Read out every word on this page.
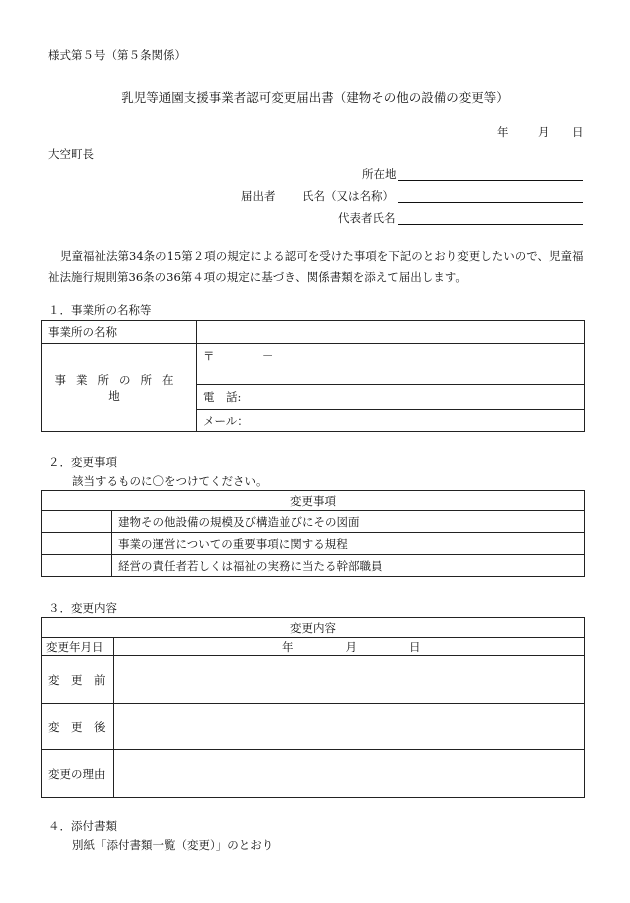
様式第５号（第５条関係）
乳児等通園支援事業者認可変更届出書（建物その他の設備の変更等）
年	月 日
大空町長
所在地
届出者 氏名（又は名称）
代表者氏名
児童福祉法第34条の15第２項の規定による認可を受けた事項を下記のとおり変更したいので、児童福祉法施行規則第36条の36第４項の規定に基づき、関係書類を添えて届出します。
１．事業所の名称等
事業所の名称	
事業所の所在地	〒 －
	電　話:
	メール：
２．変更事項
該当するものに〇をつけてください。
変更事項	
	建物その他設備の規模及び構造並びにその図面
	事業の運営についての重要事項に関する規程
	経営の責任者若しくは福祉の実務に当たる幹部職員
３．変更内容
変更内容	
変更年月日	年 月 日
変　更　前	
変　更　後	
変更の理由	
４．添付書類
別紙「添付書類一覧（変更）」のとおり
